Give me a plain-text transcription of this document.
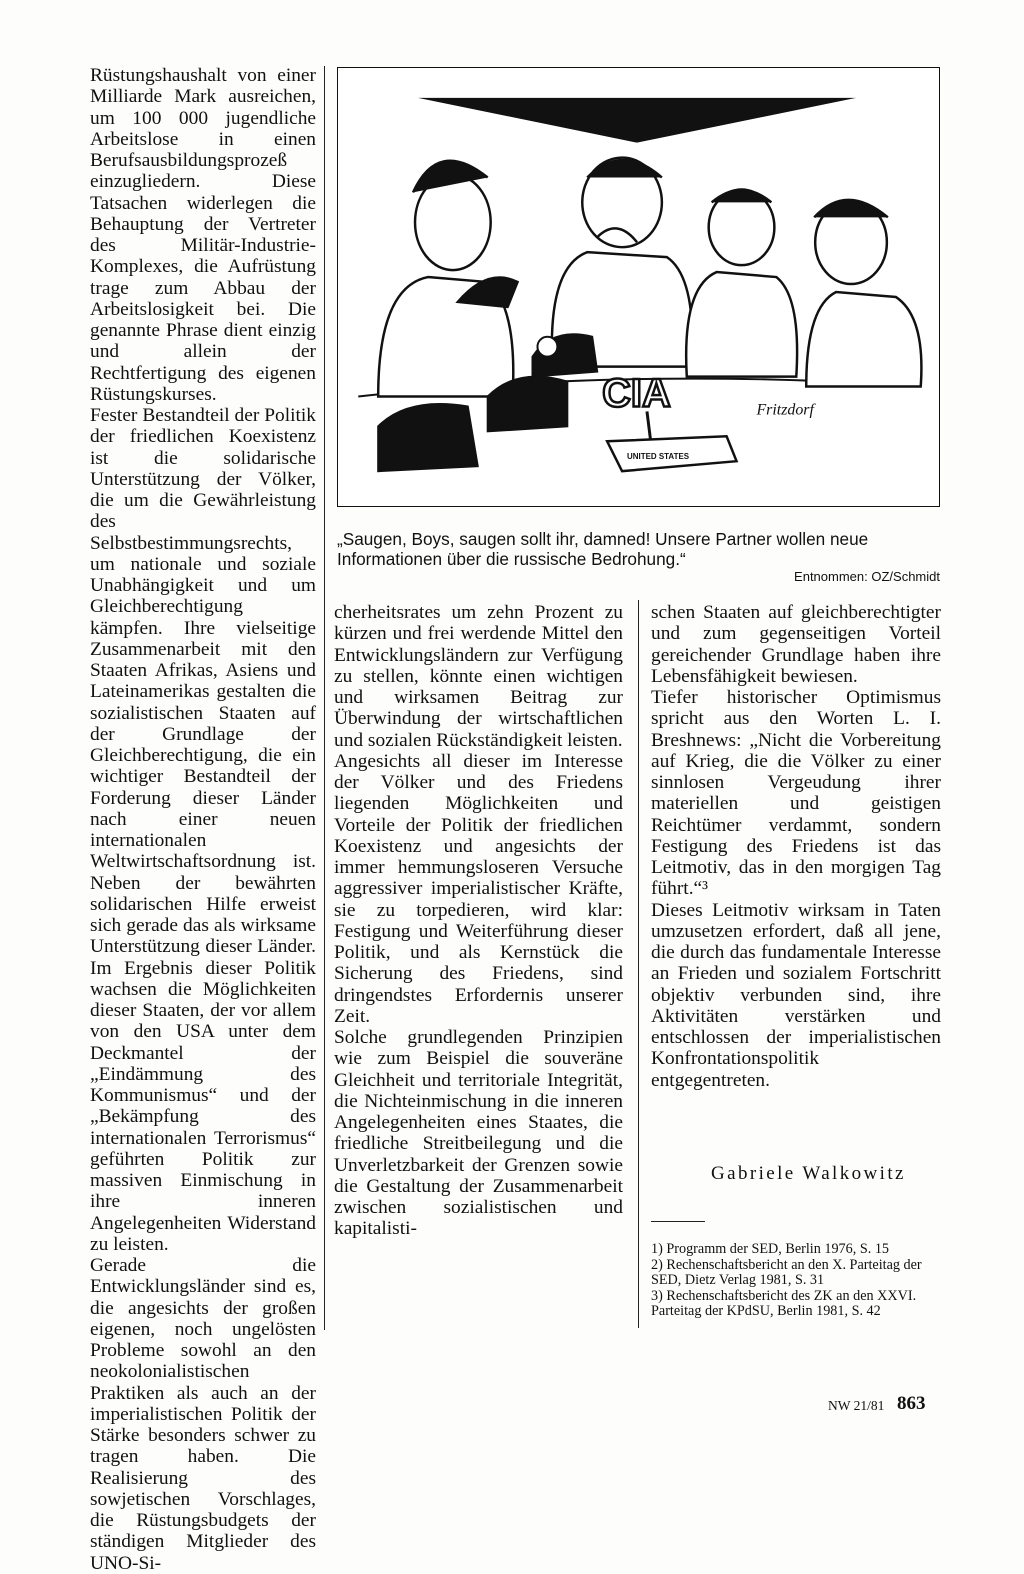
Rüstungshaushalt von einer Milliarde Mark ausreichen, um 100 000 jugendliche Arbeitslose in einen Berufsausbildungsprozeß einzugliedern. Diese Tatsachen widerlegen die Behauptung der Vertreter des Militär-Industrie-Komplexes, die Aufrüstung trage zum Abbau der Arbeitslosigkeit bei. Die genannte Phrase dient einzig und allein der Rechtfertigung des eigenen Rüstungskurses.

Fester Bestandteil der Politik der friedlichen Koexistenz ist die solidarische Unterstützung der Völker, die um die Gewährleistung des Selbstbestimmungsrechts, um nationale und soziale Unabhängigkeit und um Gleichberechtigung kämpfen. Ihre vielseitige Zusammenarbeit mit den Staaten Afrikas, Asiens und Lateinamerikas gestalten die sozialistischen Staaten auf der Grundlage der Gleichberechtigung, die ein wichtiger Bestandteil der Forderung dieser Länder nach einer neuen internationalen Weltwirtschaftsordnung ist. Neben der bewährten solidarischen Hilfe erweist sich gerade das als wirksame Unterstützung dieser Länder. Im Ergebnis dieser Politik wachsen die Möglichkeiten dieser Staaten, der vor allem von den USA unter dem Deckmantel der „Eindämmung des Kommunismus“ und der „Bekämpfung des internationalen Terrorismus“ geführten Politik zur massiven Einmischung in ihre inneren Angelegenheiten Widerstand zu leisten.

Gerade die Entwicklungsländer sind es, die angesichts der großen eigenen, noch ungelösten Probleme sowohl an den neokolonialistischen Praktiken als auch an der imperialistischen Politik der Stärke besonders schwer zu tragen haben. Die Realisierung des sowjetischen Vorschlages, die Rüstungsbudgets der ständigen Mitglieder des UNO-Si-

CIA
UNITED STATES
Fritzdorf
„Saugen, Boys, saugen sollt ihr, damned! Unsere Partner wollen neue Informationen über die russische Bedrohung.“
Entnommen: OZ/Schmidt

cherheitsrates um zehn Prozent zu kürzen und frei werdende Mittel den Entwicklungsländern zur Verfügung zu stellen, könnte einen wichtigen und wirksamen Beitrag zur Überwindung der wirtschaftlichen und sozialen Rückständigkeit leisten.

Angesichts all dieser im Interesse der Völker und des Friedens liegenden Möglichkeiten und Vorteile der Politik der friedlichen Koexistenz und angesichts der immer hemmungsloseren Versuche aggressiver imperialistischer Kräfte, sie zu torpedieren, wird klar: Festigung und Weiterführung dieser Politik, und als Kernstück die Sicherung des Friedens, sind dringendstes Erfordernis unserer Zeit.

Solche grundlegenden Prinzipien wie zum Beispiel die souveräne Gleichheit und territoriale Integrität, die Nichteinmischung in die inneren Angelegenheiten eines Staates, die friedliche Streitbeilegung und die Unverletzbarkeit der Grenzen sowie die Gestaltung der Zusammenarbeit zwischen sozialistischen und kapitalisti-

schen Staaten auf gleichberechtigter und zum gegenseitigen Vorteil gereichender Grundlage haben ihre Lebensfähigkeit bewiesen.

Tiefer historischer Optimismus spricht aus den Worten L. I. Breshnews: „Nicht die Vorbereitung auf Krieg, die die Völker zu einer sinnlosen Vergeudung ihrer materiellen und geistigen Reichtümer verdammt, sondern Festigung des Friedens ist das Leitmotiv, das in den morgigen Tag führt.“³

Dieses Leitmotiv wirksam in Taten umzusetzen erfordert, daß all jene, die durch das fundamentale Interesse an Frieden und sozialem Fortschritt objektiv verbunden sind, ihre Aktivitäten verstärken und entschlossen der imperialistischen Konfrontationspolitik entgegentreten.

Gabriele Walkowitz

1) Programm der SED, Berlin 1976, S. 15

2) Rechenschaftsbericht an den X. Parteitag der SED, Dietz Verlag 1981, S. 31

3) Rechenschaftsbericht des ZK an den XXVI. Parteitag der KPdSU, Berlin 1981, S. 42

NW 21/81 863
